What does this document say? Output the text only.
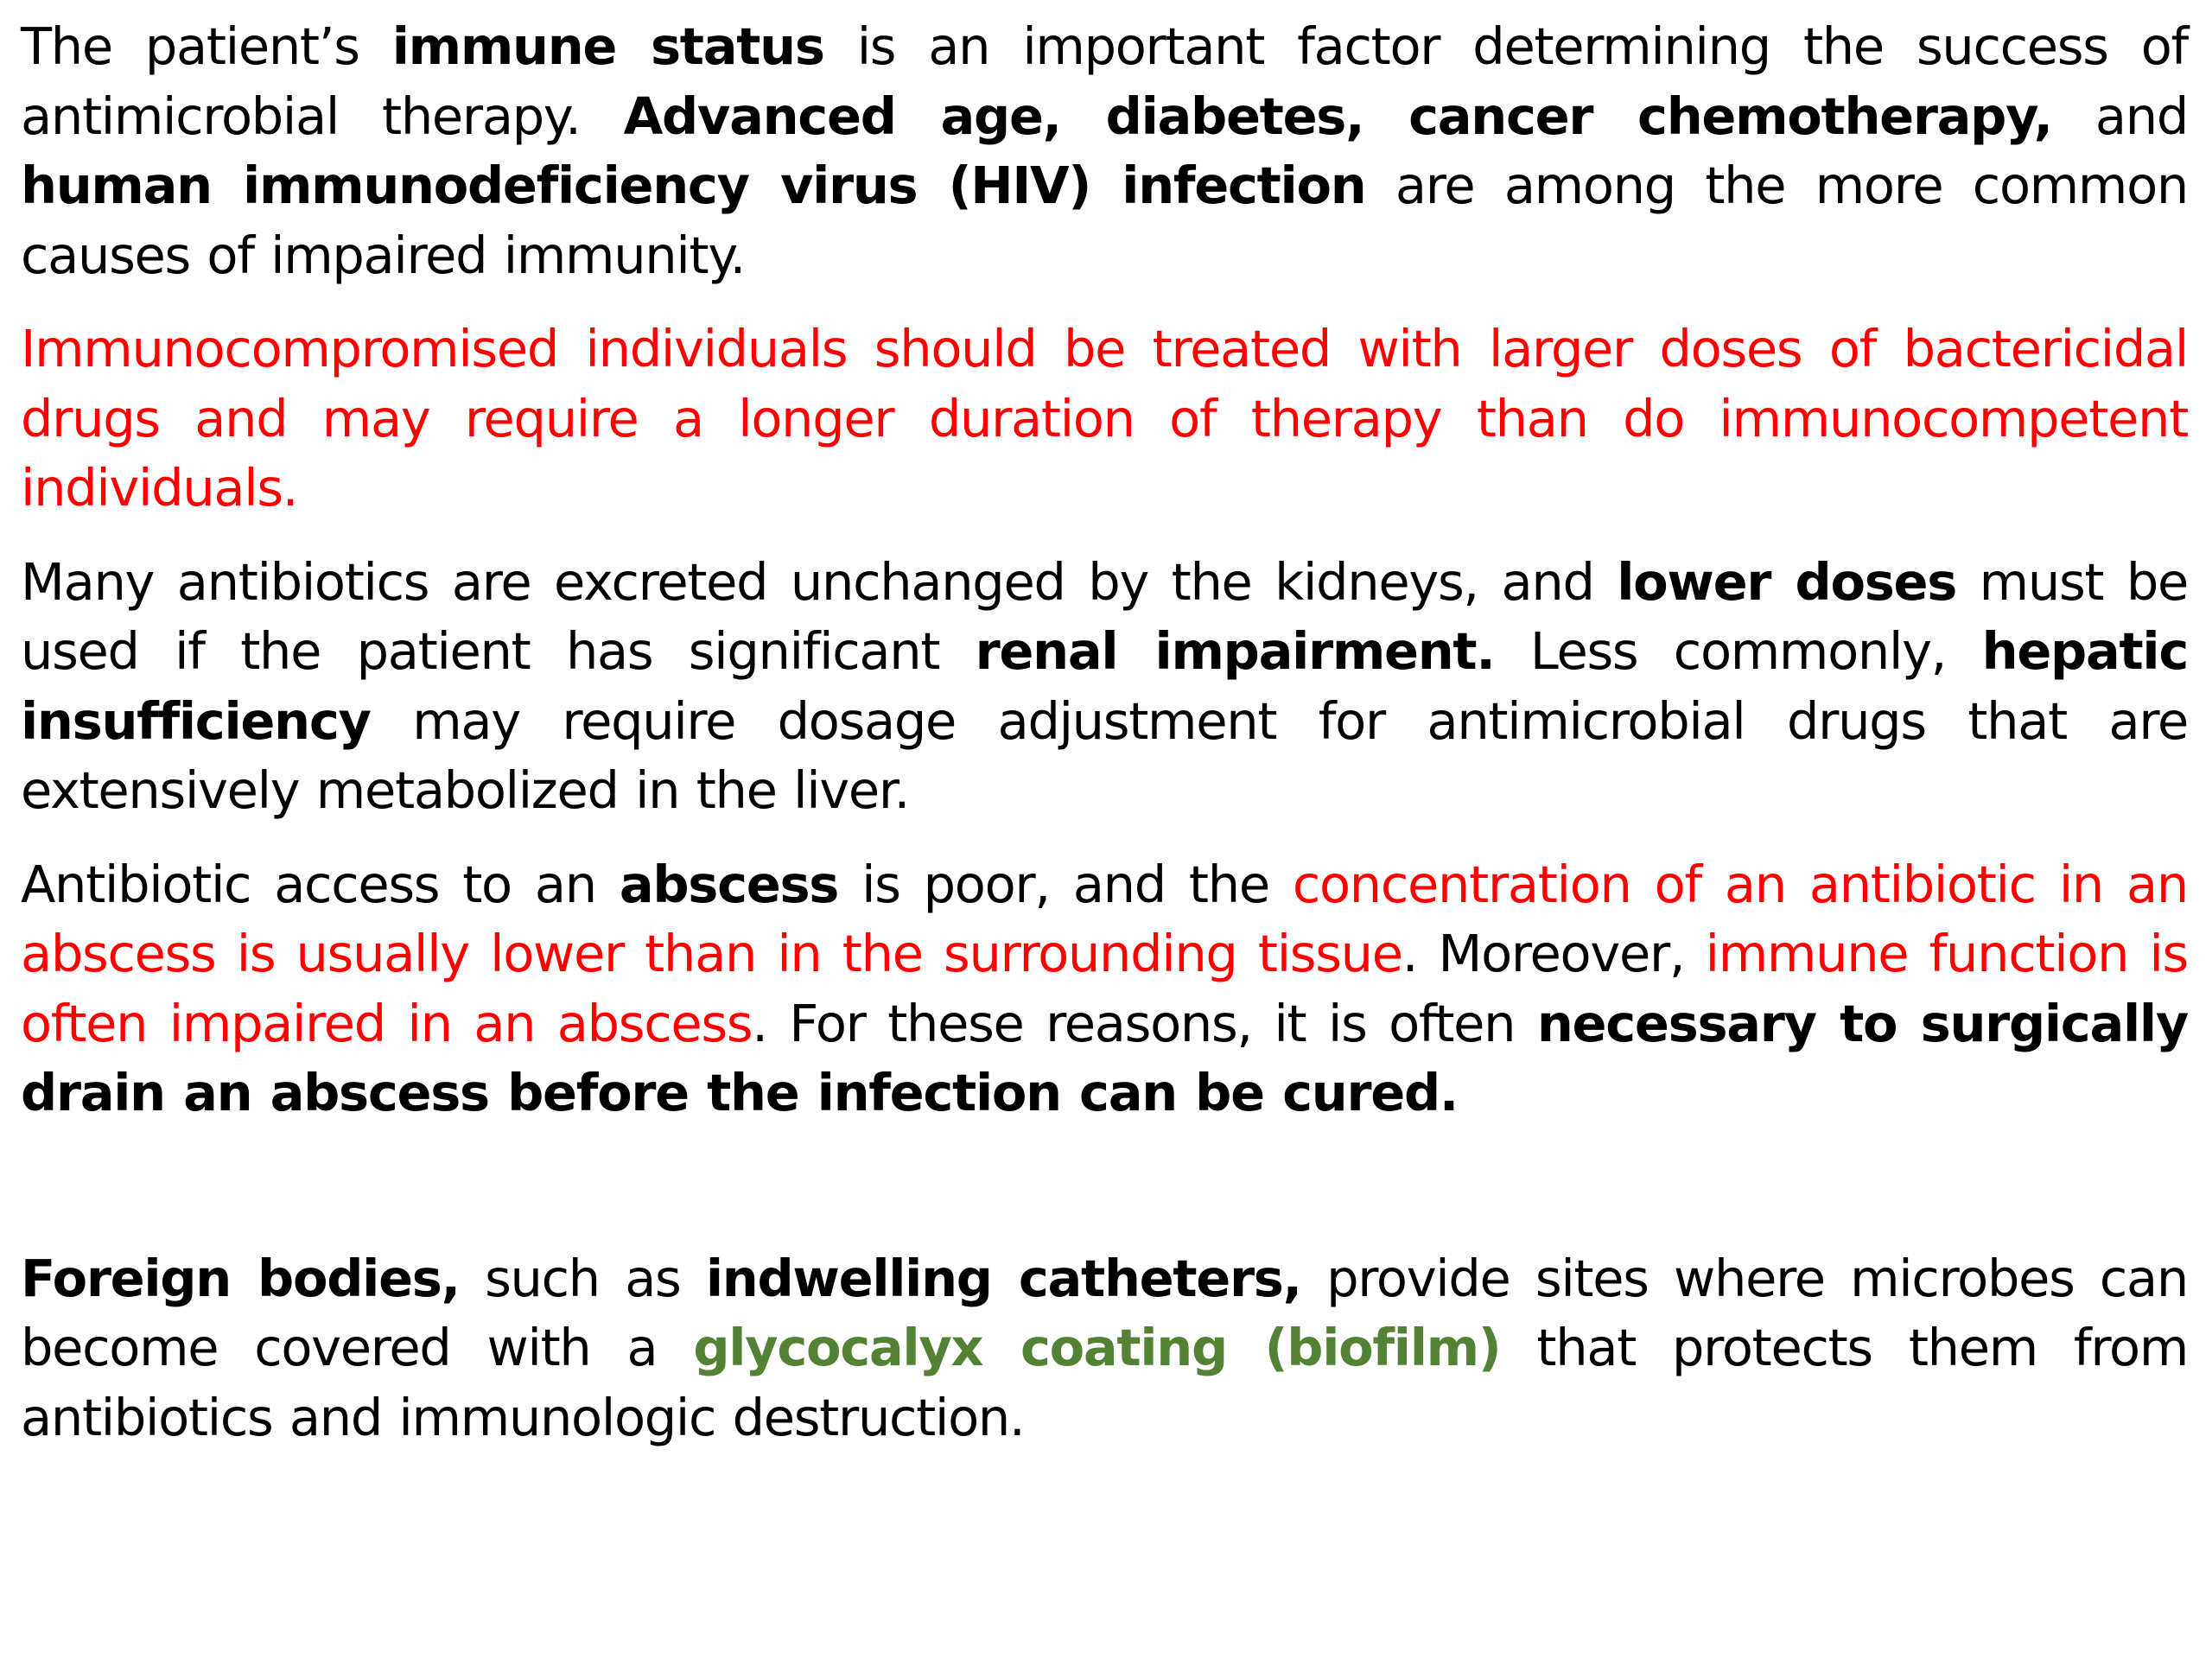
The patient’s immune status is an important factor determining the success of antimicrobial therapy. Advanced age, diabetes, cancer chemotherapy, and human immunodeficiency virus (HIV) infection are among the more common causes of impaired immunity.

Immunocompromised individuals should be treated with larger doses of bactericidal drugs and may require a longer duration of therapy than do immunocompetent individuals.

Many antibiotics are excreted unchanged by the kidneys, and lower doses must be used if the patient has significant renal impairment. Less commonly, hepatic insufficiency may require dosage adjustment for antimicrobial drugs that are extensively metabolized in the liver.

Antibiotic access to an abscess is poor, and the concentration of an antibiotic in an abscess is usually lower than in the surrounding tissue. Moreover, immune function is often impaired in an abscess. For these reasons, it is often necessary to surgically drain an abscess before the infection can be cured.

Foreign bodies, such as indwelling catheters, provide sites where microbes can become covered with a glycocalyx coating (biofilm) that protects them from antibiotics and immunologic destruction.
